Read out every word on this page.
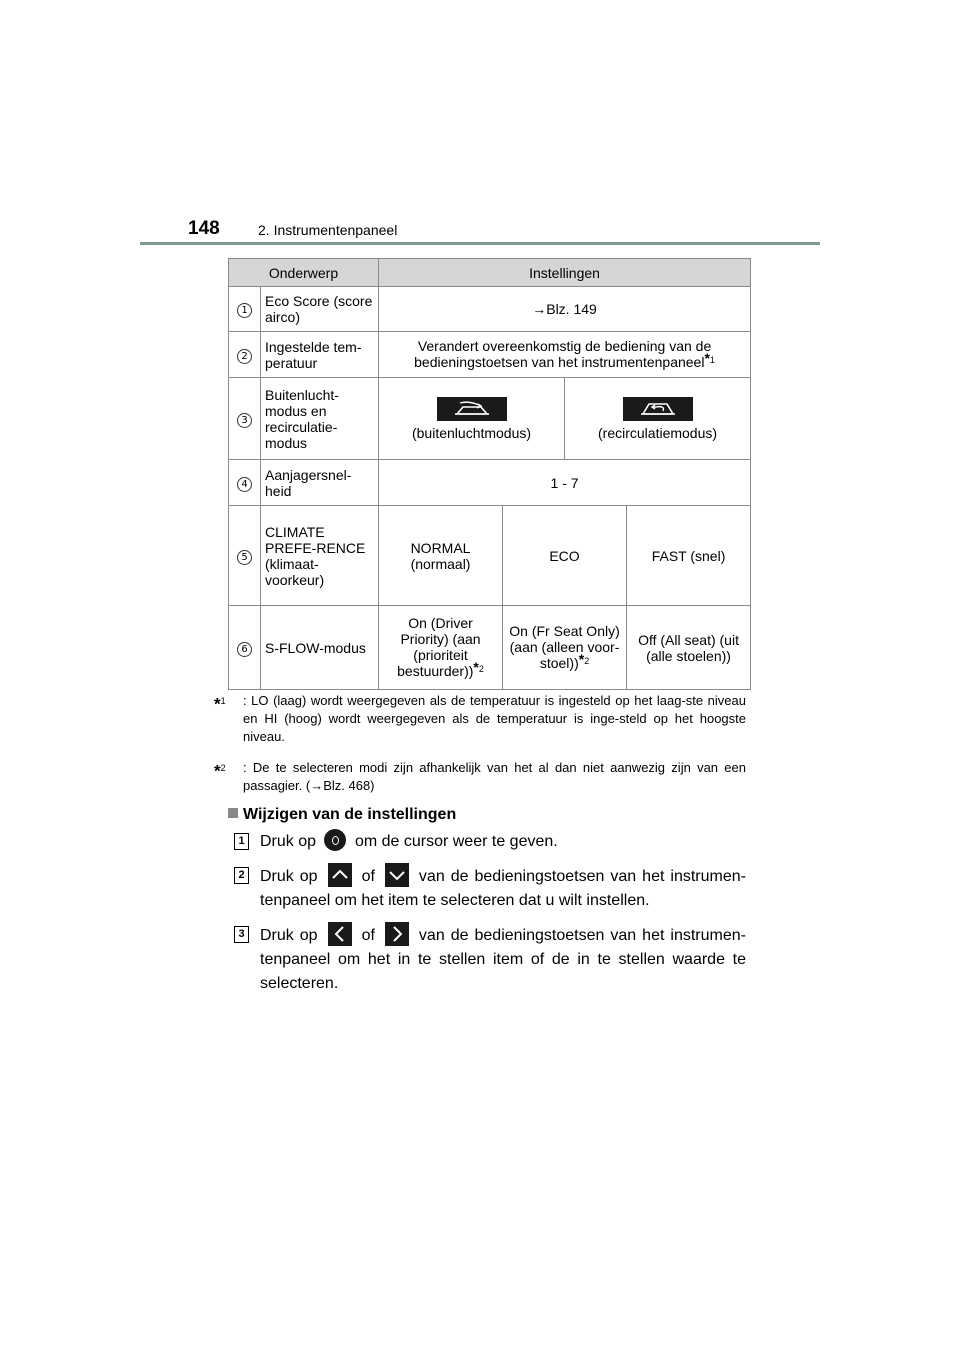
148	2. Instrumentenpaneel
Onderwerp		Instellingen			
1	Eco Score (score airco)	→Blz. 149			
2	Ingestelde tem-peratuur	Verandert overeenkomstig de bediening van de bedieningstoetsen van het instrumentenpaneel$^{*1}$
3	Buitenlucht-modus en recirculatie-modus	(buitenluchtmodus)		(recirculatiemodus)	
4	Aanjagersnel-heid	1 - 7			
5	CLIMATE PREFE-RENCE (klimaat-voorkeur)	NORMAL (normaal)	ECO		FAST (snel)
6	S-FLOW-modus	On (Driver Priority) (aan (prioriteit bestuurder))$^{*2}$	On (Fr Seat Only) (aan (alleen voor-stoel))$^{*2}$		Off (All seat) (uit (alle stoelen))
*$^1$ : LO (laag) wordt weergegeven als de temperatuur is ingesteld op het laag-ste niveau en HI (hoog) wordt weergegeven als de temperatuur is inge-steld op het hoogste niveau.
*$^2$ : De te selecteren modi zijn afhankelijk van het al dan niet aanwezig zijn van een passagier. (→Blz. 468)
Wijzigen van de instellingen
1 Druk op om de cursor weer te geven.
2 Druk op	of	van de bedieningstoetsen van het instrumen-tenpaneel om het item te selecteren dat u wilt instellen.
3 Druk op	of	van de bedieningstoetsen van het instrumen-tenpaneel om het in te stellen item of de in te stellen waarde te selecteren.
